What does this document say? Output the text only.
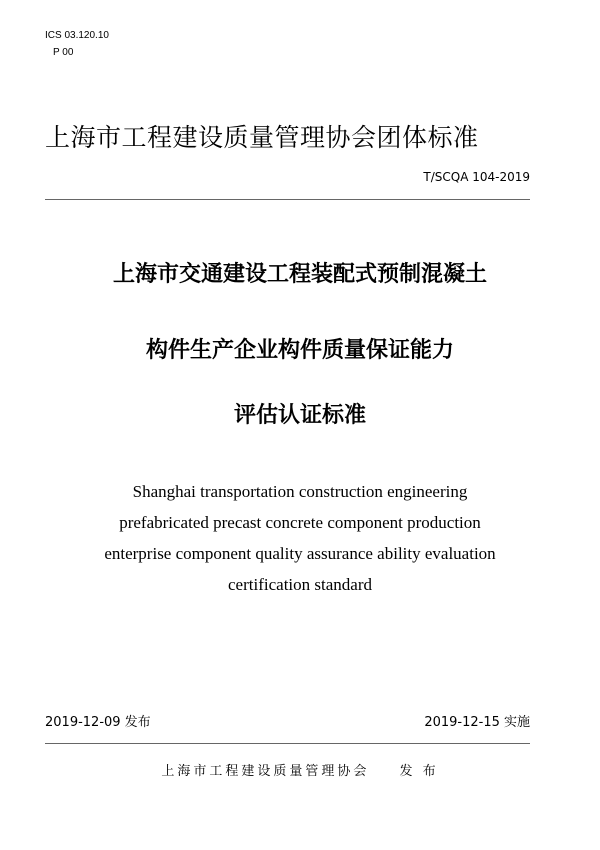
ICS 03.120.10
P 00
上海市工程建设质量管理协会团体标准
T/SCQA 104-2019
上海市交通建设工程装配式预制混凝土
构件生产企业构件质量保证能力
评估认证标准
Shanghai transportation construction engineering
prefabricated precast concrete component production
enterprise component quality assurance ability evaluation
certification standard
2019-12-09 发布	2019-12-15 实施
上海市工程建设质量管理协会 发 布
